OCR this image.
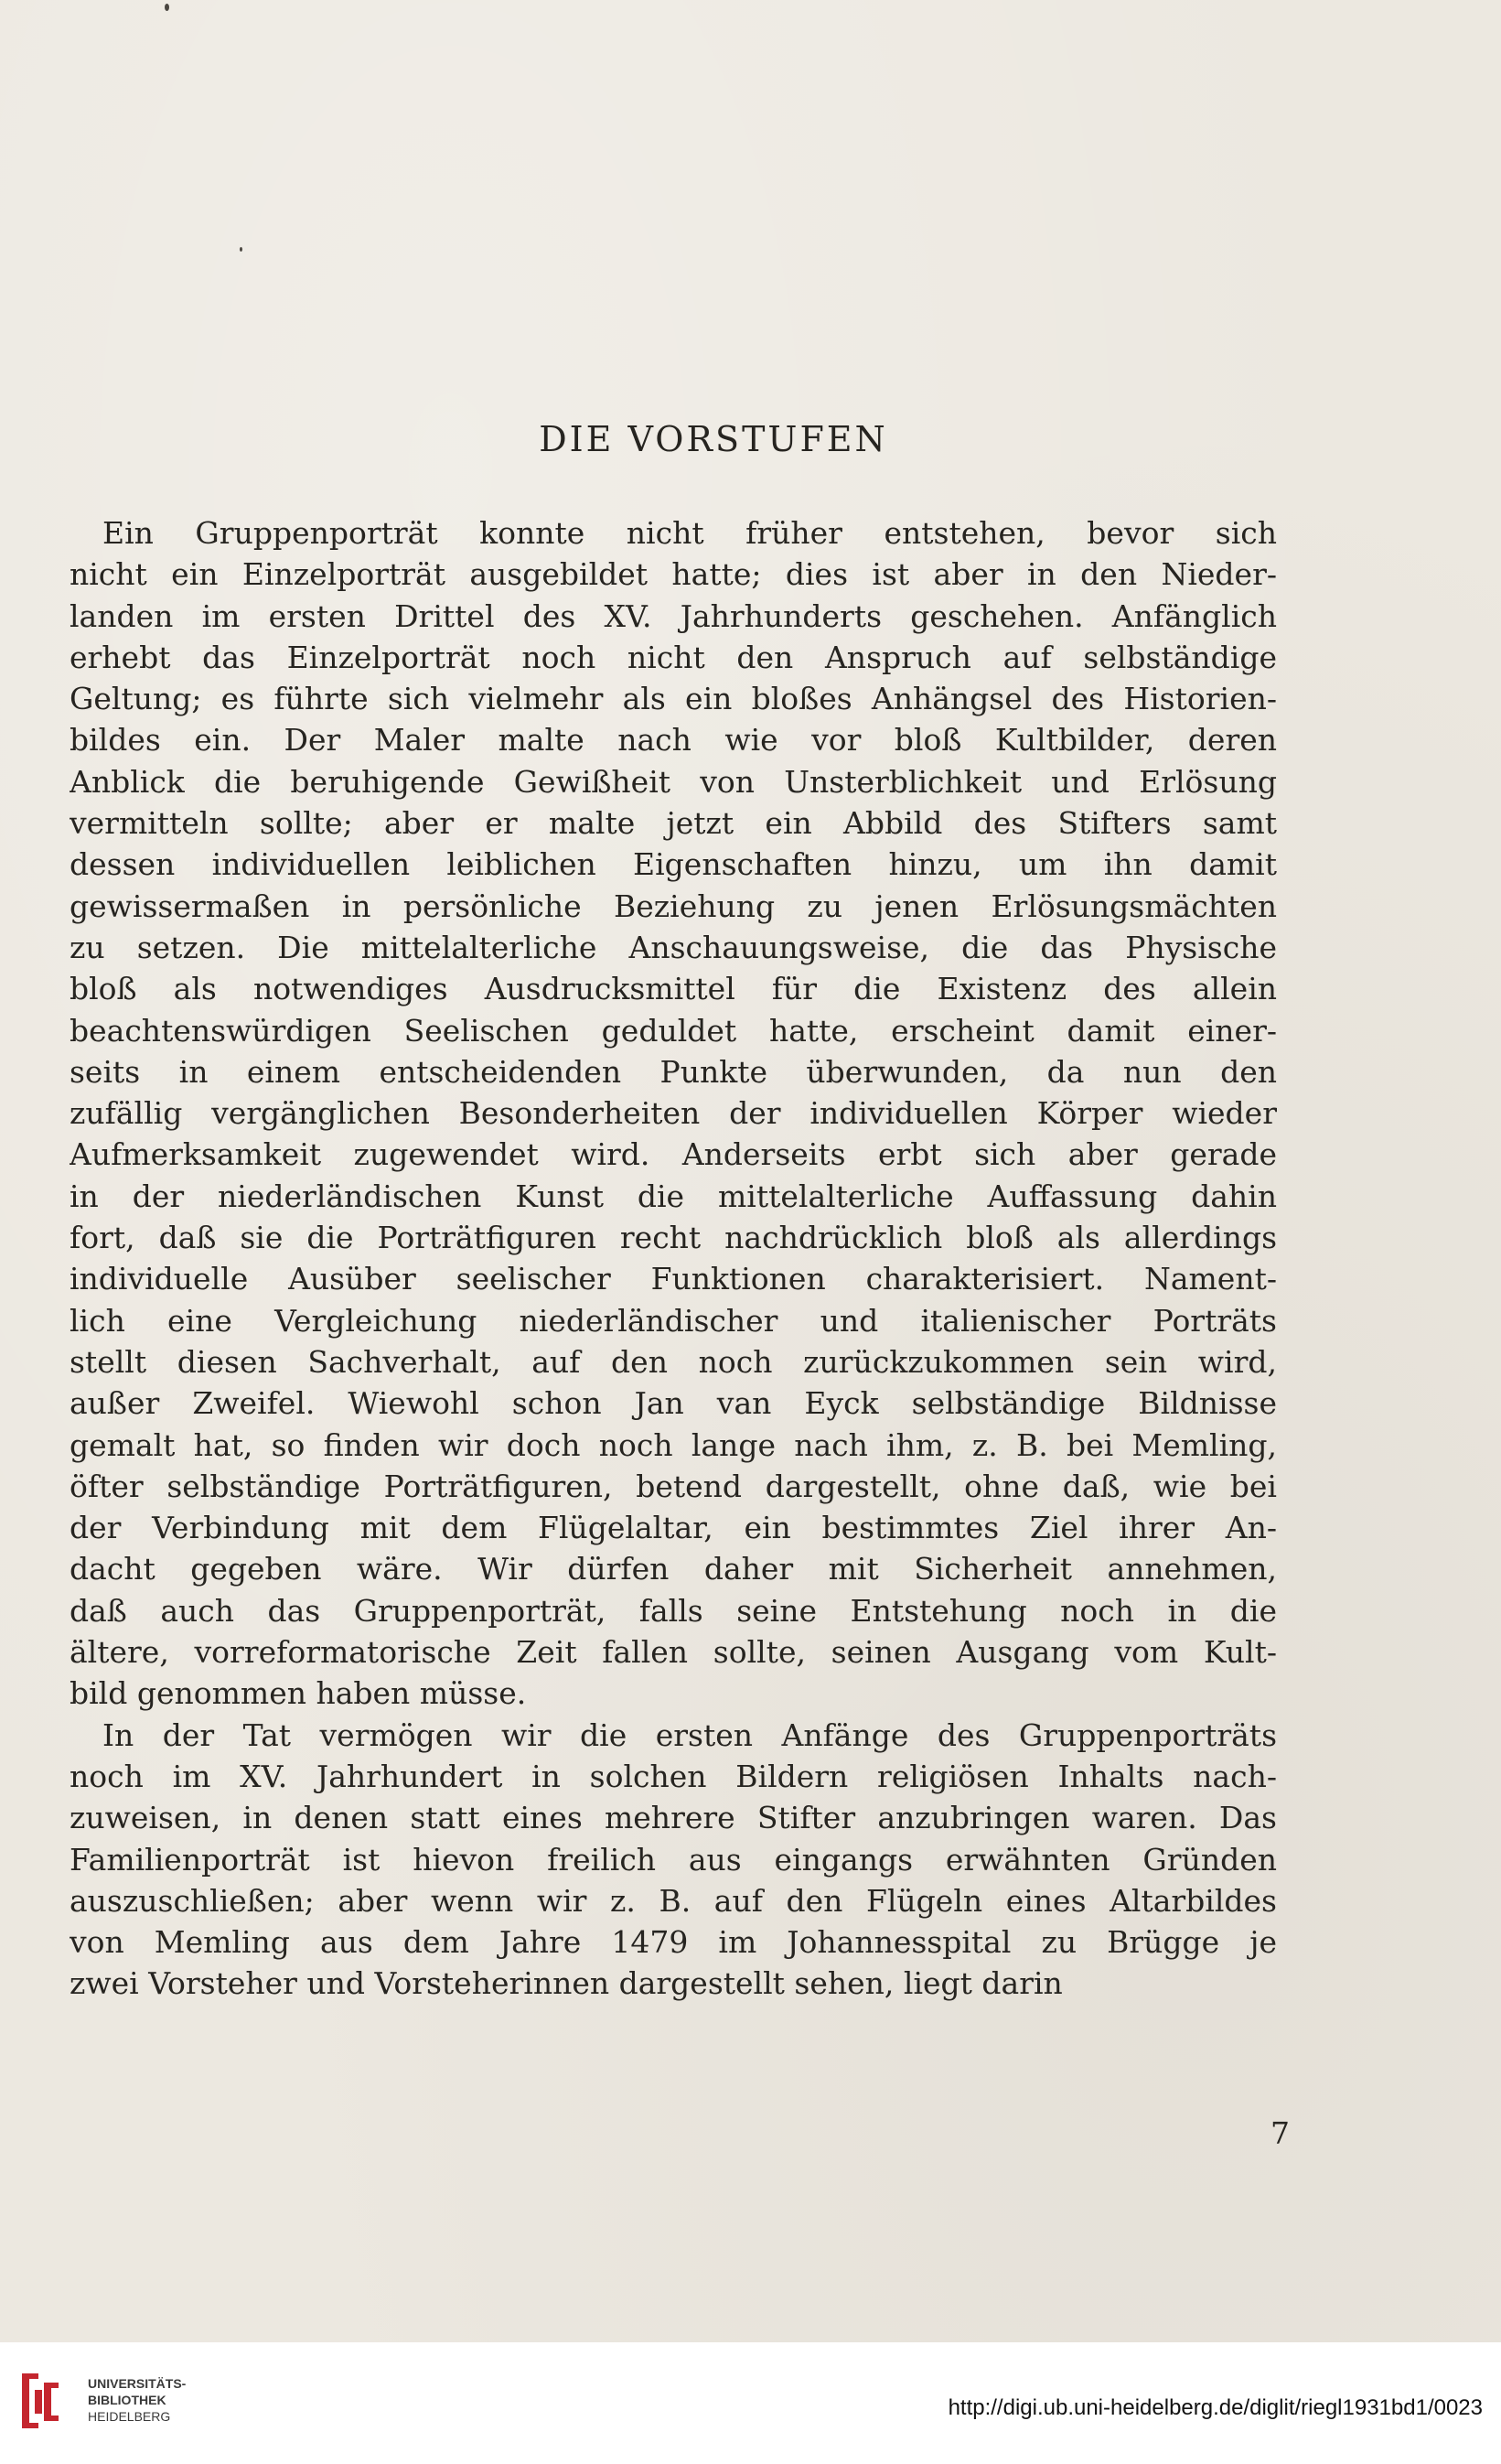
DIE VORSTUFEN
Ein Gruppenporträt konnte nicht früher entstehen, bevor sich
nicht ein Einzelporträt ausgebildet hatte; dies ist aber in den Nieder-
landen im ersten Drittel des XV. Jahrhunderts geschehen. Anfänglich
erhebt das Einzelporträt noch nicht den Anspruch auf selbständige
Geltung; es führte sich vielmehr als ein bloßes Anhängsel des Historien-
bildes ein. Der Maler malte nach wie vor bloß Kultbilder, deren
Anblick die beruhigende Gewißheit von Unsterblichkeit und Erlösung
vermitteln sollte; aber er malte jetzt ein Abbild des Stifters samt
dessen individuellen leiblichen Eigenschaften hinzu, um ihn damit
gewissermaßen in persönliche Beziehung zu jenen Erlösungsmächten
zu setzen. Die mittelalterliche Anschauungsweise, die das Physische
bloß als notwendiges Ausdrucksmittel für die Existenz des allein
beachtenswürdigen Seelischen geduldet hatte, erscheint damit einer-
seits in einem entscheidenden Punkte überwunden, da nun den
zufällig vergänglichen Besonderheiten der individuellen Körper wieder
Aufmerksamkeit zugewendet wird. Anderseits erbt sich aber gerade
in der niederländischen Kunst die mittelalterliche Auffassung dahin
fort, daß sie die Porträtfiguren recht nachdrücklich bloß als allerdings
individuelle Ausüber seelischer Funktionen charakterisiert. Nament-
lich eine Vergleichung niederländischer und italienischer Porträts
stellt diesen Sachverhalt, auf den noch zurückzukommen sein wird,
außer Zweifel. Wiewohl schon Jan van Eyck selbständige Bildnisse
gemalt hat, so finden wir doch noch lange nach ihm, z. B. bei Memling,
öfter selbständige Porträtfiguren, betend dargestellt, ohne daß, wie bei
der Verbindung mit dem Flügelaltar, ein bestimmtes Ziel ihrer An-
dacht gegeben wäre. Wir dürfen daher mit Sicherheit annehmen,
daß auch das Gruppenporträt, falls seine Entstehung noch in die
ältere, vorreformatorische Zeit fallen sollte, seinen Ausgang vom Kult-
bild genommen haben müsse.
In der Tat vermögen wir die ersten Anfänge des Gruppenporträts
noch im XV. Jahrhundert in solchen Bildern religiösen Inhalts nach-
zuweisen, in denen statt eines mehrere Stifter anzubringen waren. Das
Familienporträt ist hievon freilich aus eingangs erwähnten Gründen
auszuschließen; aber wenn wir z. B. auf den Flügeln eines Altarbildes
von Memling aus dem Jahre 1479 im Johannesspital zu Brügge je
zwei Vorsteher und Vorsteherinnen dargestellt sehen, liegt darin
7
UNIVERSITÄTS-
BIBLIOTHEK
HEIDELBERG	http://digi.ub.uni-heidelberg.de/diglit/riegl1931bd1/0023
